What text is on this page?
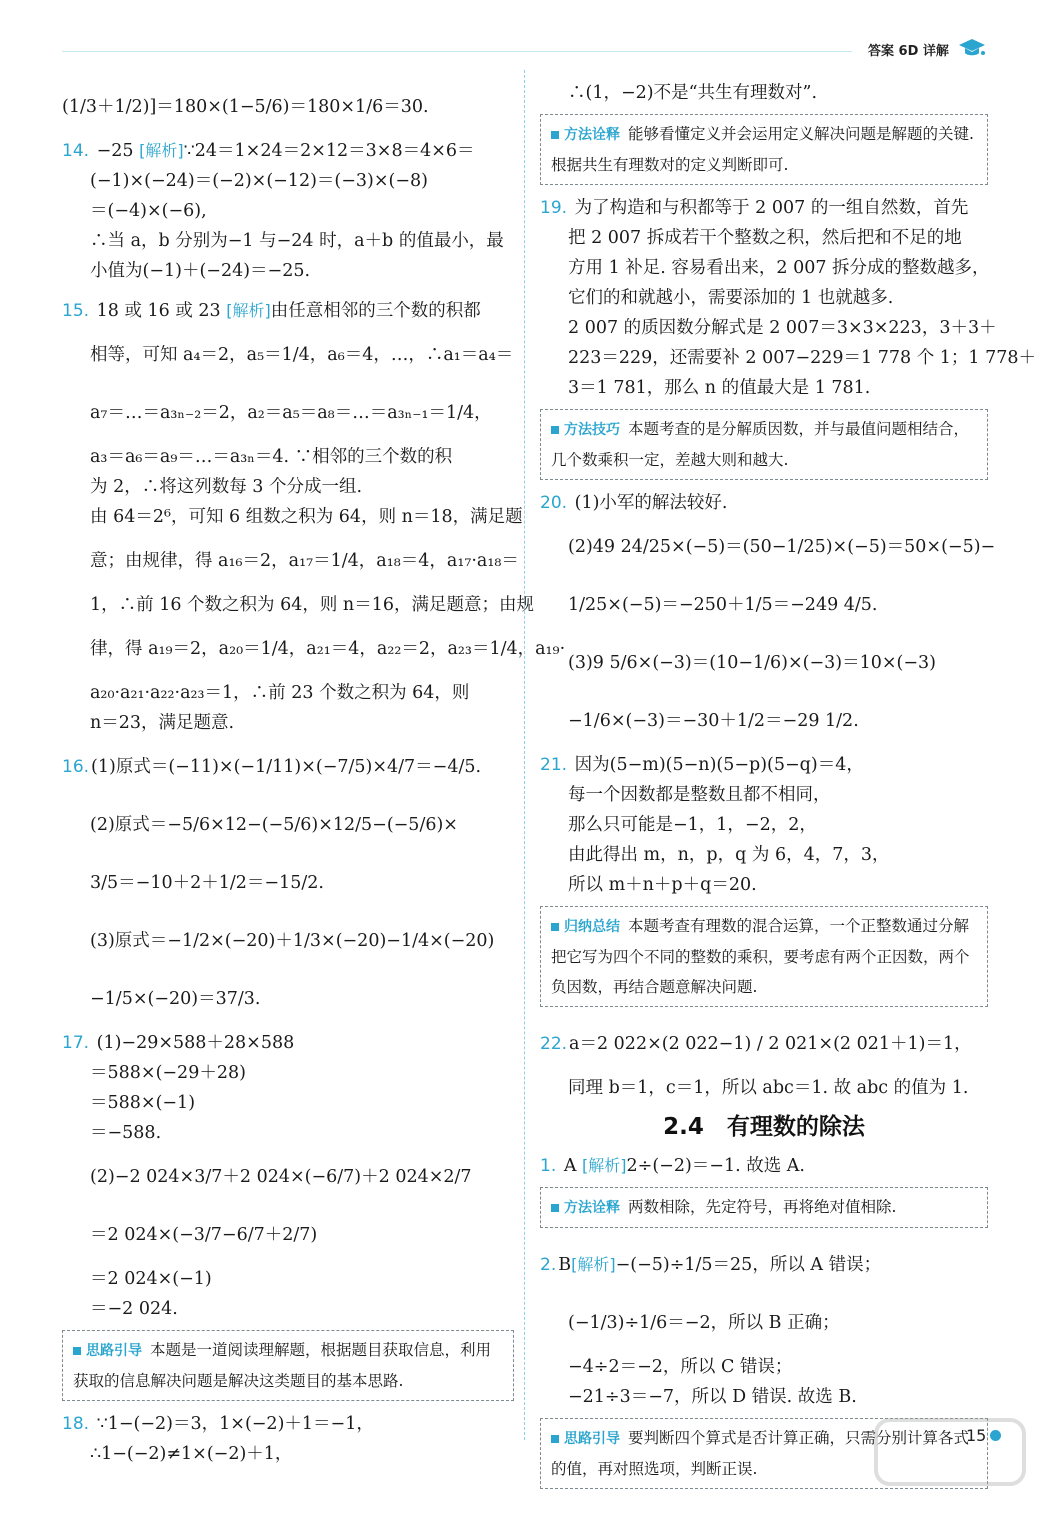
答案 6D 详解
(1/3＋1/2)]＝180×(1−5/6)＝180×1/6＝30.
14. −25 [解析]∵24＝1×24＝2×12＝3×8＝4×6＝
(−1)×(−24)＝(−2)×(−12)＝(−3)×(−8)
＝(−4)×(−6),
∴当 a，b 分别为−1 与−24 时，a＋b 的值最小，最
小值为(−1)＋(−24)＝−25.
15. 18 或 16 或 23 [解析]由任意相邻的三个数的积都
相等，可知 a₄＝2，a₅＝1/4，a₆＝4，…，∴a₁＝a₄＝
a₇＝…＝a₃ₙ₋₂＝2，a₂＝a₅＝a₈＝…＝a₃ₙ₋₁＝1/4，
a₃＝a₆＝a₉＝…＝a₃ₙ＝4. ∵相邻的三个数的积
为 2，∴将这列数每 3 个分成一组.
由 64＝2⁶，可知 6 组数之积为 64，则 n＝18，满足题
意；由规律，得 a₁₆＝2，a₁₇＝1/4，a₁₈＝4，a₁₇·a₁₈＝
1，∴前 16 个数之积为 64，则 n＝16，满足题意；由规
律，得 a₁₉＝2，a₂₀＝1/4，a₂₁＝4，a₂₂＝2，a₂₃＝1/4，a₁₉·
a₂₀·a₂₁·a₂₂·a₂₃＝1，∴前 23 个数之积为 64，则
n＝23，满足题意.
16. (1)原式＝(−11)×(−1/11)×(−7/5)×4/7＝−4/5.
(2)原式＝−5/6×12−(−5/6)×12/5−(−5/6)×
3/5＝−10＋2＋1/2＝−15/2.
(3)原式＝−1/2×(−20)＋1/3×(−20)−1/4×(−20)
−1/5×(−20)＝37/3.
17. (1)−29×588＋28×588
＝588×(−29＋28)
＝588×(−1)
＝−588.
(2)−2 024×3/7＋2 024×(−6/7)＋2 024×2/7
＝2 024×(−3/7−6/7＋2/7)
＝2 024×(−1)
＝−2 024.
思路引导 本题是一道阅读理解题，根据题目获取信息，利用获取的信息解决问题是解决这类题目的基本思路.
18. ∵1−(−2)＝3，1×(−2)＋1＝−1，
∴1−(−2)≠1×(−2)＋1，
∴(1，−2)不是“共生有理数对”.
方法诠释 能够看懂定义并会运用定义解决问题是解题的关键.根据共生有理数对的定义判断即可.
19. 为了构造和与积都等于 2 007 的一组自然数，首先
把 2 007 拆成若干个整数之积，然后把和不足的地
方用 1 补足. 容易看出来，2 007 拆分成的整数越多，
它们的和就越小，需要添加的 1 也就越多.
2 007 的质因数分解式是 2 007＝3×3×223，3＋3＋
223＝229，还需要补 2 007−229＝1 778 个 1；1 778＋
3＝1 781，那么 n 的值最大是 1 781.
方法技巧 本题考查的是分解质因数，并与最值问题相结合，几个数乘积一定，差越大则和越大.
20. (1)小军的解法较好.
(2)49 24/25×(−5)＝(50−1/25)×(−5)＝50×(−5)−
1/25×(−5)＝−250＋1/5＝−249 4/5.
(3)9 5/6×(−3)＝(10−1/6)×(−3)＝10×(−3)
−1/6×(−3)＝−30＋1/2＝−29 1/2.
21. 因为(5−m)(5−n)(5−p)(5−q)＝4，
每一个因数都是整数且都不相同，
那么只可能是−1，1，−2，2，
由此得出 m，n，p，q 为 6，4，7，3，
所以 m＋n＋p＋q＝20.
归纳总结 本题考查有理数的混合运算，一个正整数通过分解把它写为四个不同的整数的乘积，要考虑有两个正因数，两个负因数，再结合题意解决问题.
22. a＝2 022×(2 022−1) / 2 021×(2 021＋1)＝1，
同理 b＝1，c＝1，所以 abc＝1. 故 abc 的值为 1.
2.4　有理数的除法
1. A [解析]2÷(−2)＝−1. 故选 A.
方法诠释 两数相除，先定符号，再将绝对值相除.
2. B [解析] −(−5)÷1/5＝25，所以 A 错误；
(−1/3)÷1/6＝−2，所以 B 正确；
−4÷2＝−2，所以 C 错误；
−21÷3＝−7，所以 D 错误. 故选 B.
思路引导 要判断四个算式是否计算正确，只需分别计算各式的值，再对照选项，判断正误.
15
